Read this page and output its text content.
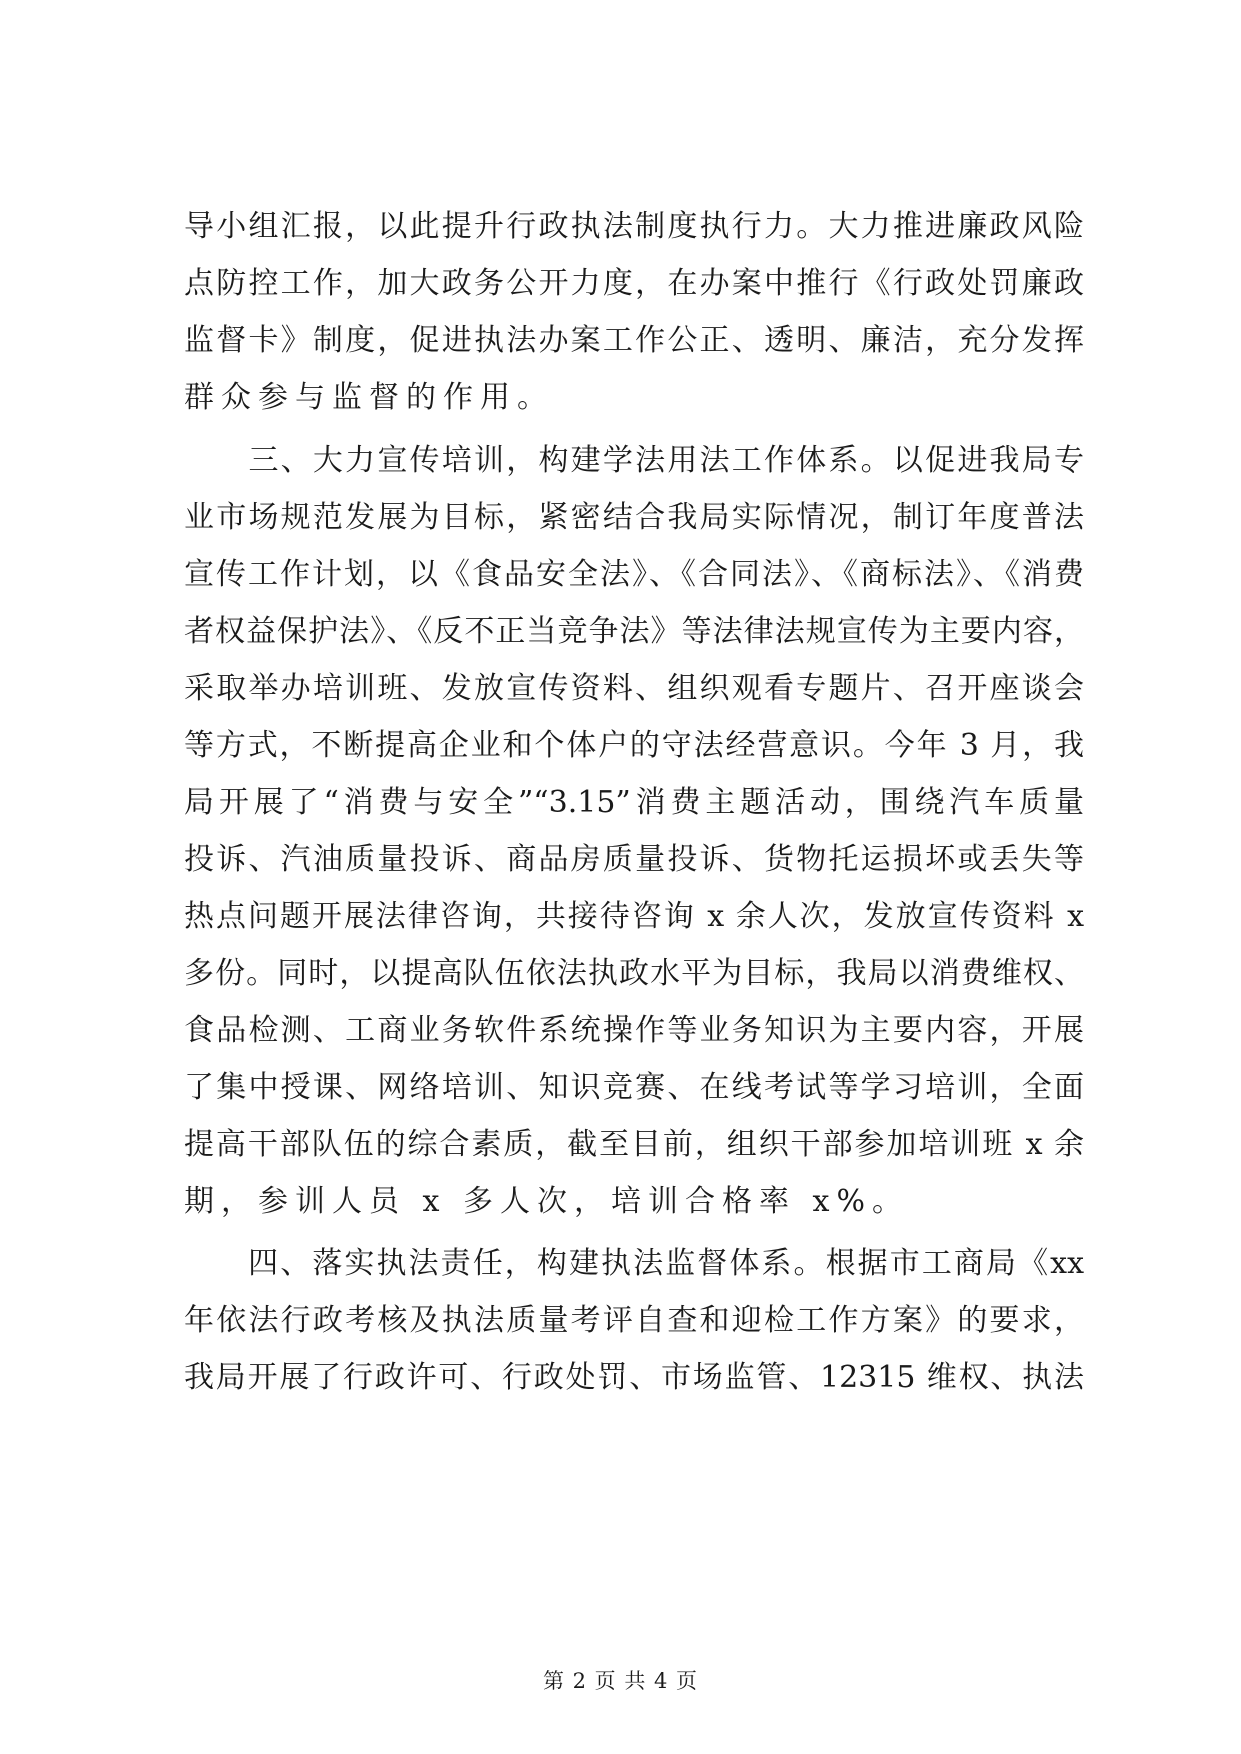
导小组汇报，以此提升行政执法制度执行力。大力推进廉政风险
点防控工作，加大政务公开力度，在办案中推行《行政处罚廉政
监督卡》制度，促进执法办案工作公正、透明、廉洁，充分发挥
群众参与监督的作用。
　　三、大力宣传培训，构建学法用法工作体系。以促进我局专
业市场规范发展为目标，紧密结合我局实际情况，制订年度普法
宣传工作计划，以《食品安全法》、《合同法》、《商标法》、《消费
者权益保护法》、《反不正当竞争法》等法律法规宣传为主要内容，
采取举办培训班、发放宣传资料、组织观看专题片、召开座谈会
等方式，不断提高企业和个体户的守法经营意识。今年 3 月，我
局开展了“消费与安全”“3.15”消费主题活动，围绕汽车质量
投诉、汽油质量投诉、商品房质量投诉、货物托运损坏或丢失等
热点问题开展法律咨询，共接待咨询 x 余人次，发放宣传资料 x
多份。同时，以提高队伍依法执政水平为目标，我局以消费维权、
食品检测、工商业务软件系统操作等业务知识为主要内容，开展
了集中授课、网络培训、知识竞赛、在线考试等学习培训，全面
提高干部队伍的综合素质，截至目前，组织干部参加培训班 x 余
期，参训人员 x 多人次，培训合格率 x%。
　　四、落实执法责任，构建执法监督体系。根据市工商局《xx
年依法行政考核及执法质量考评自查和迎检工作方案》的要求，
我局开展了行政许可、行政处罚、市场监管、12315 维权、执法
第 2 页 共 4 页
